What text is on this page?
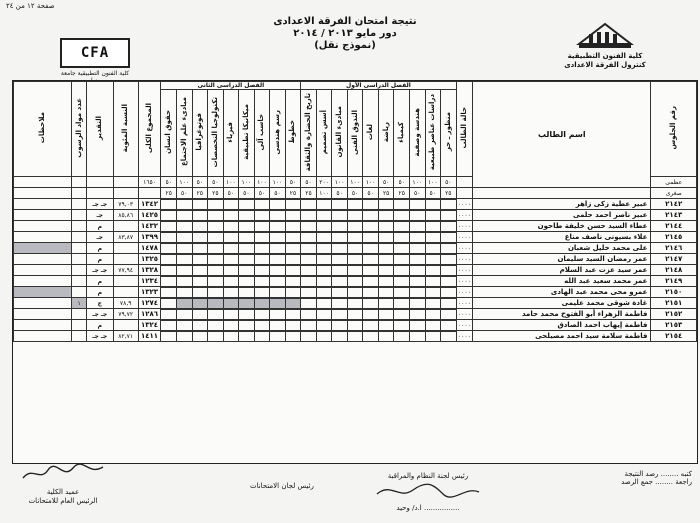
صفحة ١٢ من ٢٤
نتيجة امتحان الفرقة الاعدادى
دور مايو ٢٠١٣ / ٢٠١٤
(نموذج نقل)
CFA
كلية الفنون التطبيقية جامعة
كلية الفنون التطبيقية
كنترول الفرقة الاعدادى
رقم الجلوس	اسم الطالب	حالة الطالب	الفصل الدراسى الأول										الفصل الدراسى الثانى									المجموع الكلى	النسبة المئوية	التقدير	عدد مواد الرسوب	ملاحظات
			منظور ـ حر	دراسات عناصر طبيعية	هندسة وصفية	كيمياء	رياضة	لغات	التذوق الفنى	مبادىء القانون	أسس تصميم	تاريخ الحضارة والثقافة	خطوط	رسم هندسى	حاسب آلى	ميكانيكا تطبيقية	فيزياء	تكنولوجيا التخصصات	فوتوغرافيا	مبادىء علم الاجتماع	حقوق انسان					
عظمى			٥٠	١٠٠	١٠٠	٥٠	٥٠	١٠٠	١٠٠	١٠٠	٢٠٠	٥٠	٥٠	١٠٠	١٠٠	١٠٠	١٠٠	٥٠	٥٠	١٠٠	٥٠	١٦٥٠				
صغرى			٢٥	٥٠	٥٠	٢٥	٢٥	٥٠	٥٠	٥٠	١٠٠	٢٥	٢٥	٥٠	٥٠	٥٠	٥٠	٢٥	٢٥	٥٠	٢٥					
٢١٤٢	عبير عطية زكى زاهر	٠٠٠٠																				١٣٤٢	٧٩,٠٣	جـ جـ		

٢١٤٣	عبير ناصر احمد حلمى	٠٠٠٠																				١٤٢٥	٨٥,٨٦	جـ		

٢١٤٤	عطاء السيد حسن خليفة طاحون	٠٠٠٠																				١٤٣٢		م		

٢١٤٥	علاء بسيونى ناصف مناع	٠٠٠٠																				١٣٩٩	٨٣,٨٧	جـ		

٢١٤٦	على محمد خليل شعبان	٠٠٠٠																				١٤٧٨		م		

٢١٤٧	عمر رمضان السيد سليمان	٠٠٠٠																				١٣٢٥		م		

٢١٤٨	عمر سيد عزت عبد السلام	٠٠٠٠																				١٣٢٨	٧٧,٩٤	جـ جـ		

٢١٤٩	عمر محمد سعيد عبد الله	٠٠٠٠																				١٢٣٤		م		

٢١٥٠	عمرو محى محمد عبد الهادى	٠٠٠٠																				١٣٢٣		م		

٢١٥١	غادة شوقى محمد عليمى	٠٠٠٠																				١٢٧٤	٧٨,٩	ج	١	

٢١٥٢	فاطمة الزهراء أبو الفتوح محمد حامد	٠٠٠٠																				١٢٨٦	٧٩,٧٢	جـ جـ		

٢١٥٣	فاطمة إيهاب احمد الصادق	٠٠٠٠																				١٣٢٤		م		

٢١٥٤	فاطمة سلامة سيد احمد مصيلحى	٠٠٠٠																				١٤١١	٨٢,٧١	جـ جـ		

عميد الكلية
الرئيس العام للامتحانات
رئيس لجان الامتحانات
رئيس لجنة النظام والمراقبة
ا.د/ وحيد ................
كتبه ........ رصد النتيجة
راجعة ........ جمع الرصد
